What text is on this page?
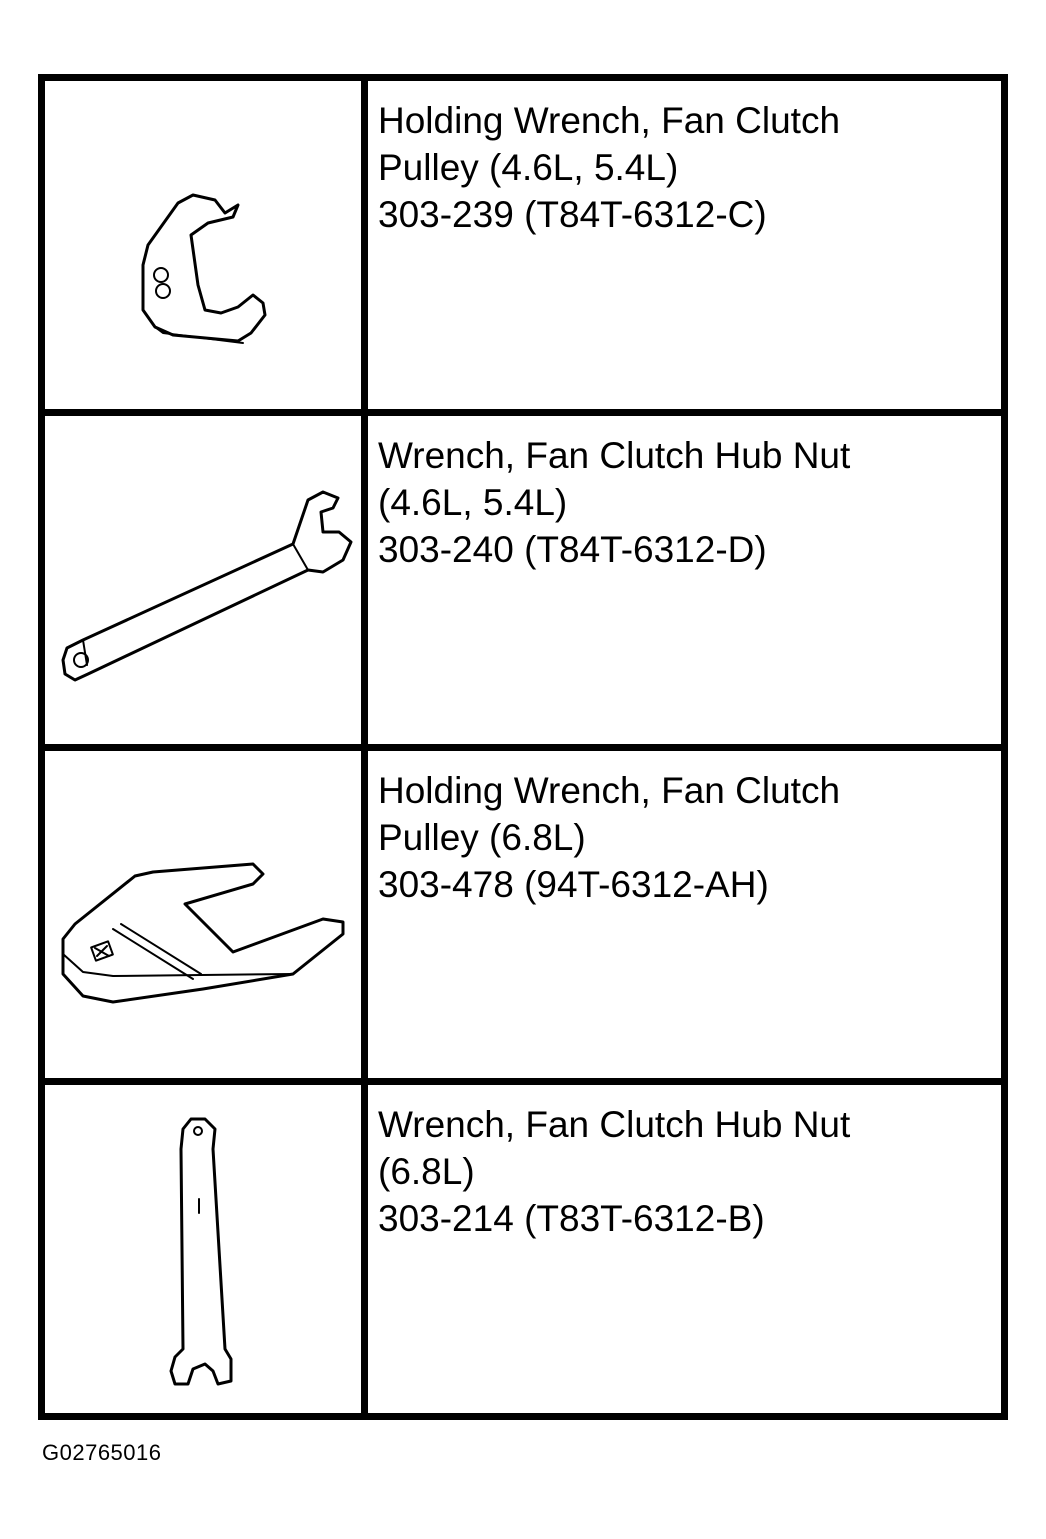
Holding Wrench, Fan Clutch
Pulley (4.6L, 5.4L)
303-239 (T84T-6312-C)

Wrench, Fan Clutch Hub Nut
(4.6L, 5.4L)
303-240 (T84T-6312-D)

Holding Wrench, Fan Clutch
Pulley (6.8L)
303-478 (94T-6312-AH)

Wrench, Fan Clutch Hub Nut
(6.8L)
303-214 (T83T-6312-B)
G02765016
